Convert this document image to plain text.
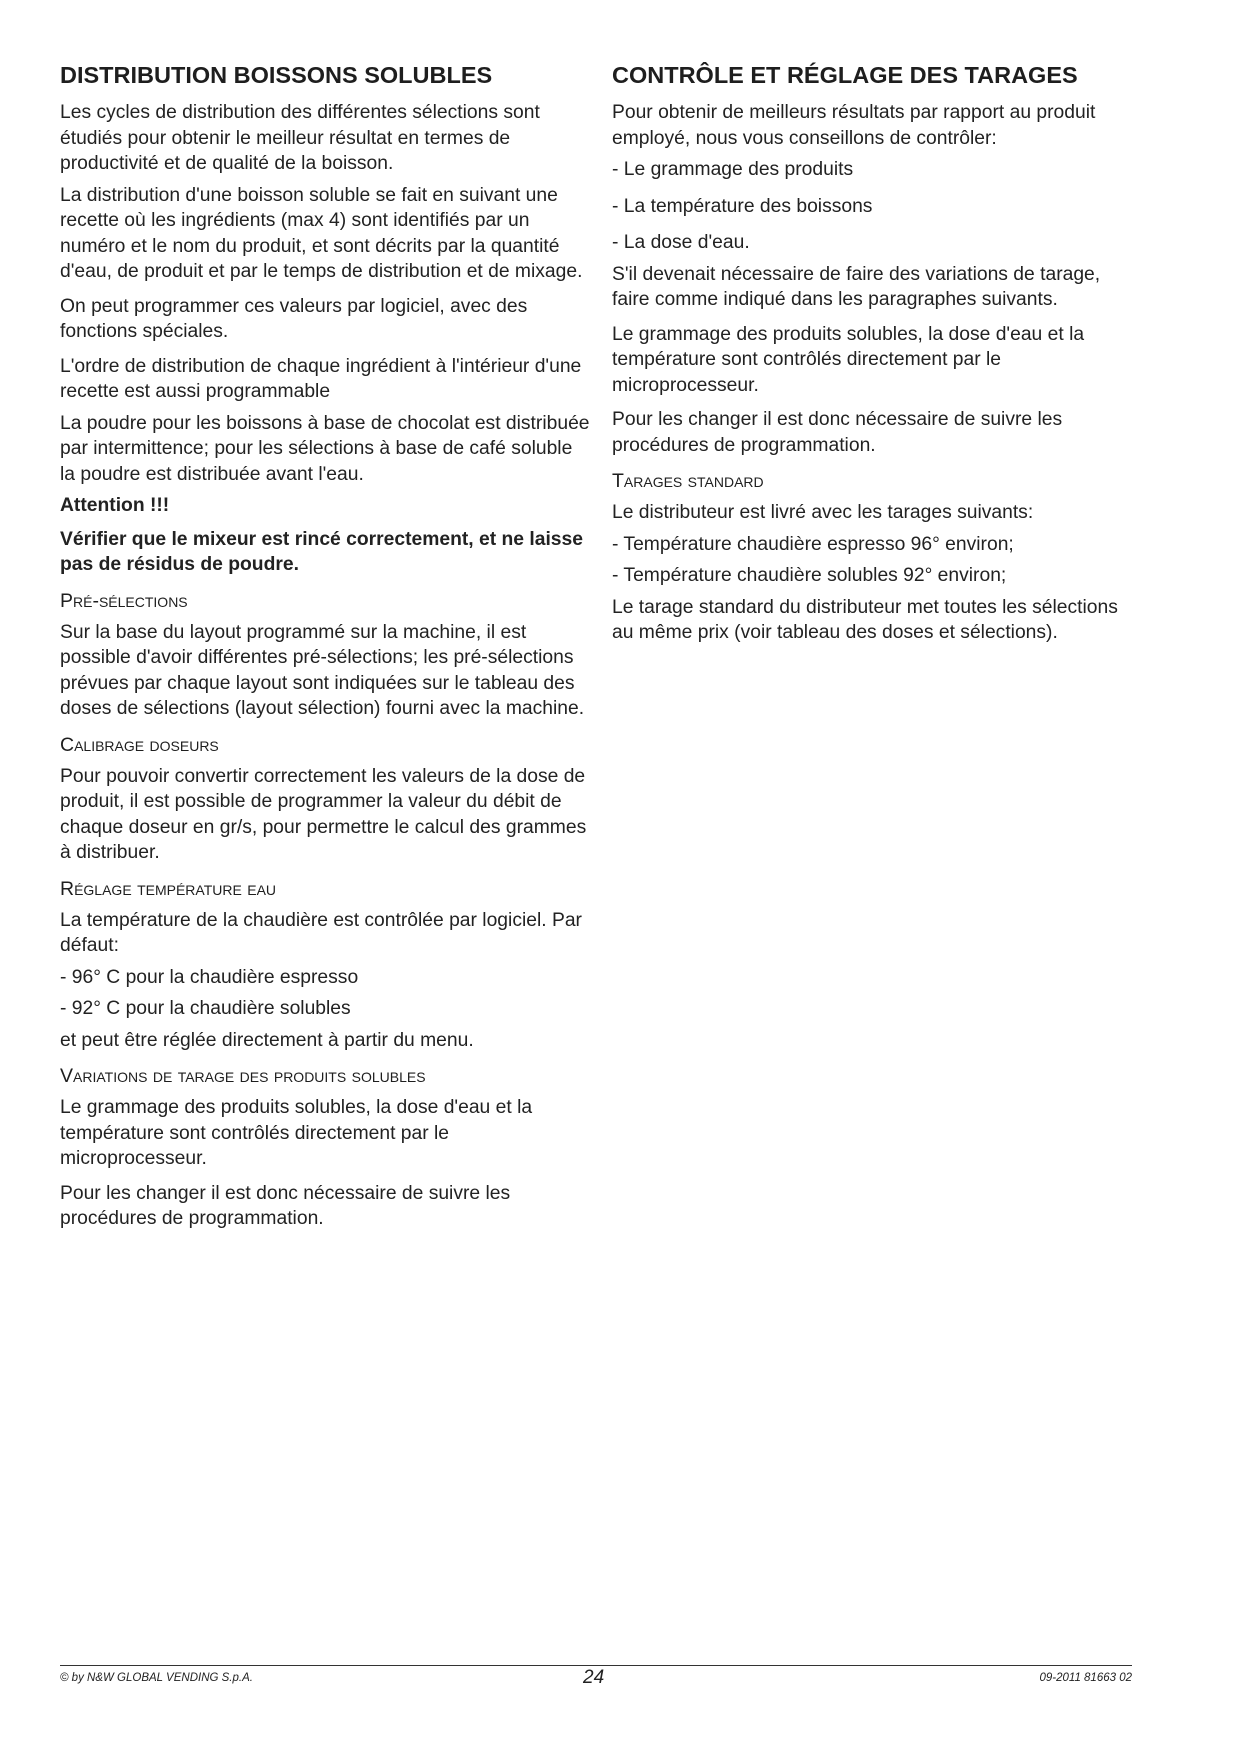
DISTRIBUTION BOISSONS SOLUBLES

Les cycles de distribution des différentes sélections sont étudiés pour obtenir le meilleur résultat en termes de productivité et de qualité de la boisson.

La distribution d'une boisson soluble se fait en suivant une recette où les ingrédients (max 4) sont identifiés par un numéro et le nom du produit, et sont décrits par la quantité d'eau, de produit et par le temps de distribution et de mixage.

On peut programmer ces valeurs par logiciel, avec des fonctions spéciales.

L'ordre de distribution de chaque ingrédient à l'intérieur d'une recette est aussi programmable

La poudre pour les boissons à base de chocolat est distribuée par intermittence; pour les sélections à base de café soluble la poudre est distribuée avant l'eau.

Attention !!!

Vérifier que le mixeur est rincé correctement, et ne laisse pas de résidus de poudre.

Pré-sélections

Sur la base du layout programmé sur la machine, il est possible d'avoir différentes pré-sélections; les pré-sélections prévues par chaque layout sont indiquées sur le tableau des doses de sélections (layout sélection) fourni avec la machine.

Calibrage doseurs

Pour pouvoir convertir correctement les valeurs de la dose de produit, il est possible de programmer la valeur du débit de chaque doseur en gr/s, pour permettre le calcul des grammes à distribuer.

Réglage température eau

La température de la chaudière est contrôlée par logiciel. Par défaut:

- 96° C pour la chaudière espresso
- 92° C pour la chaudière solubles

et peut être réglée directement à partir du menu.

Variations de tarage des produits solubles

Le grammage des produits solubles, la dose d'eau et la température sont contrôlés directement par le microprocesseur.

Pour les changer il est donc nécessaire de suivre les procédures de programmation.

CONTRÔLE ET RÉGLAGE DES TARAGES

Pour obtenir de meilleurs résultats par rapport au produit employé, nous vous conseillons de contrôler:

- Le grammage des produits
- La température des boissons
- La dose d'eau.

S'il devenait nécessaire de faire des variations de tarage, faire comme indiqué dans les paragraphes suivants.

Le grammage des produits solubles, la dose d'eau et la température sont contrôlés directement par le microprocesseur.

Pour les changer il est donc nécessaire de suivre les procédures de programmation.

Tarages standard

Le distributeur est livré avec les tarages suivants:

- Température chaudière espresso 96° environ;
- Température chaudière solubles 92° environ;

Le tarage standard du distributeur met toutes les sélections au même prix (voir tableau des doses et sélections).

© by N&W GLOBAL VENDING S.p.A.	24	09-2011 81663 02
